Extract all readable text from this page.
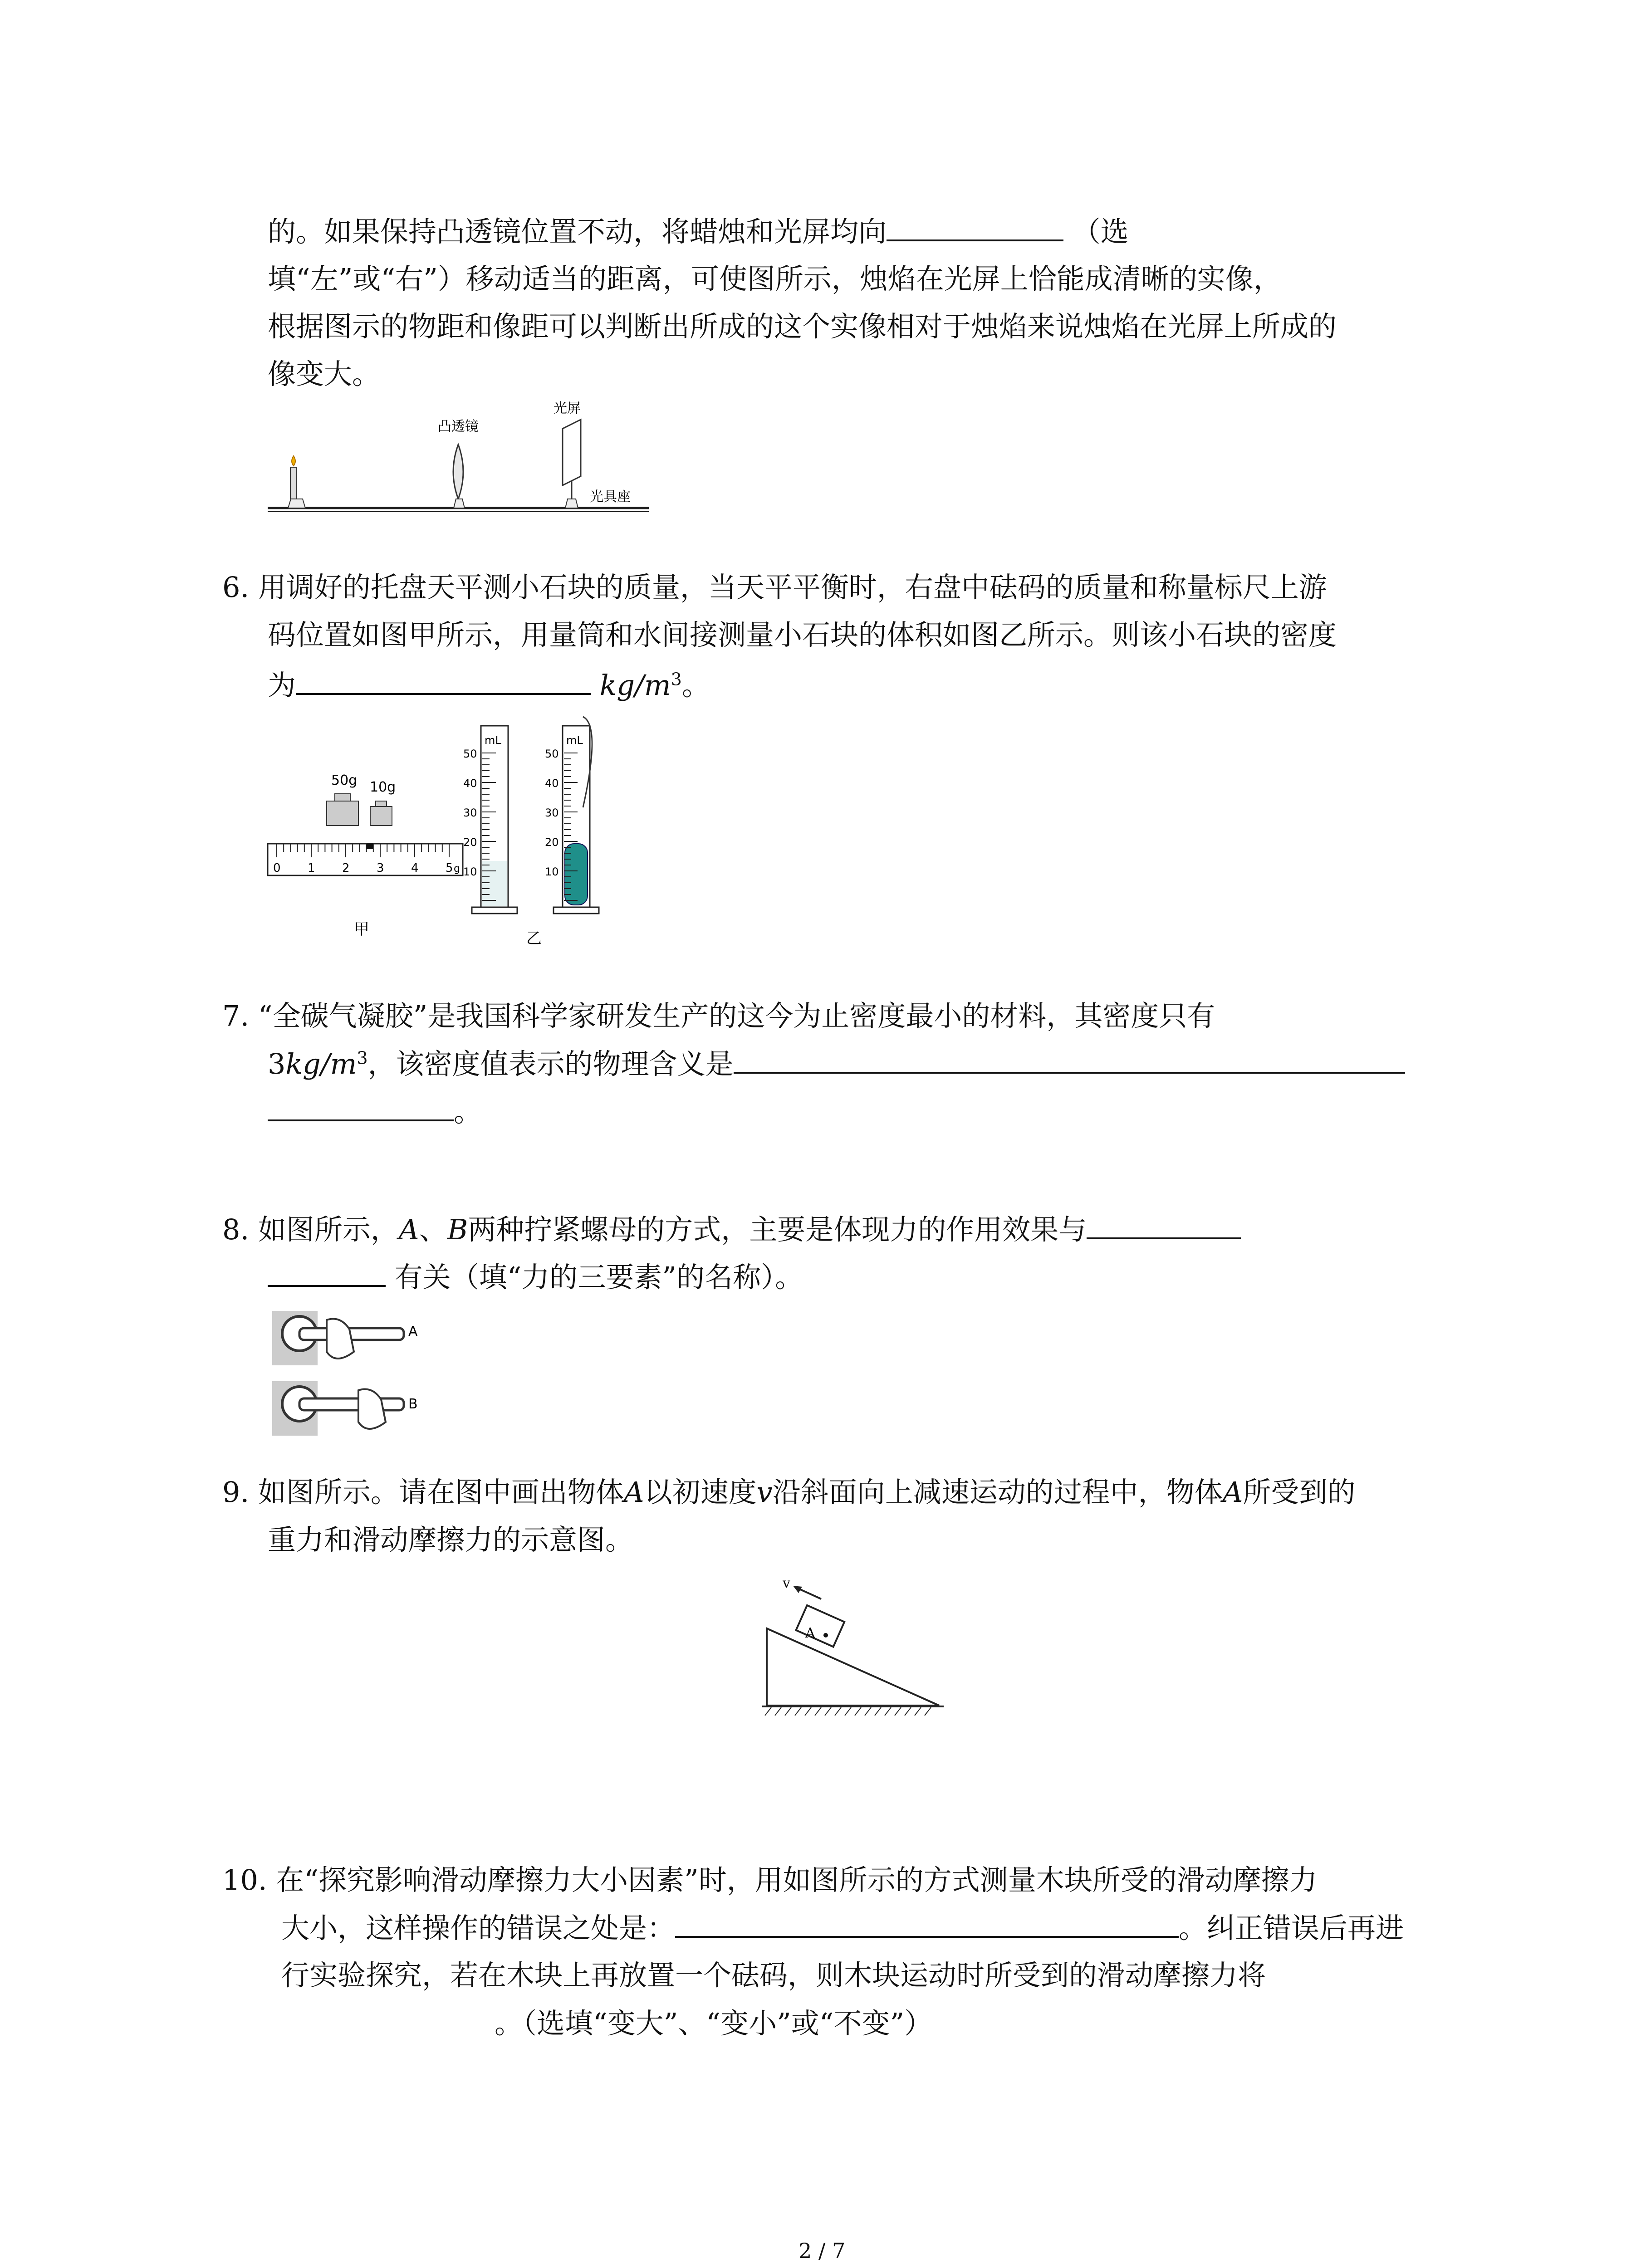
的。如果保持凸透镜位置不动，将蜡烛和光屏均向	（选
填“左”或“右”）移动适当的距离，可使图所示，烛焰在光屏上恰能成清晰的实像，
根据图示的物距和像距可以判断出所成的这个实像相对于烛焰来说烛焰在光屏上所成的
像变大。
凸透镜
光屏
光具座
6. 用调好的托盘天平测小石块的质量，当天平平衡时，右盘中砝码的质量和称量标尺上游
码位置如图甲所示，用量筒和水间接测量小石块的体积如图乙所示。则该小石块的密度
为	$kg/m^3$。
50g 10g
0 1 2 3 4 5 g
甲
mL
50
40
30
20
10
mL
50
40
30
20
10
乙
7. “全碳气凝胶”是我国科学家研发生产的这今为止密度最小的材料，其密度只有
$3kg/m^3$，该密度值表示的物理含义是
。
8. 如图所示，A、B两种拧紧螺母的方式，主要是体现力的作用效果与
有关（填“力的三要素”的名称）。
A
B
9. 如图所示。请在图中画出物体A以初速度v沿斜面向上减速运动的过程中，物体A所受到的
重力和滑动摩擦力的示意图。
A
v
10. 在“探究影响滑动摩擦力大小因素”时，用如图所示的方式测量木块所受的滑动摩擦力
大小，这样操作的错误之处是：	。纠正错误后再进
行实验探究，若在木块上再放置一个砝码，则木块运动时所受到的滑动摩擦力将
。（选填“变大”、“变小”或“不变”）
2 / 7
